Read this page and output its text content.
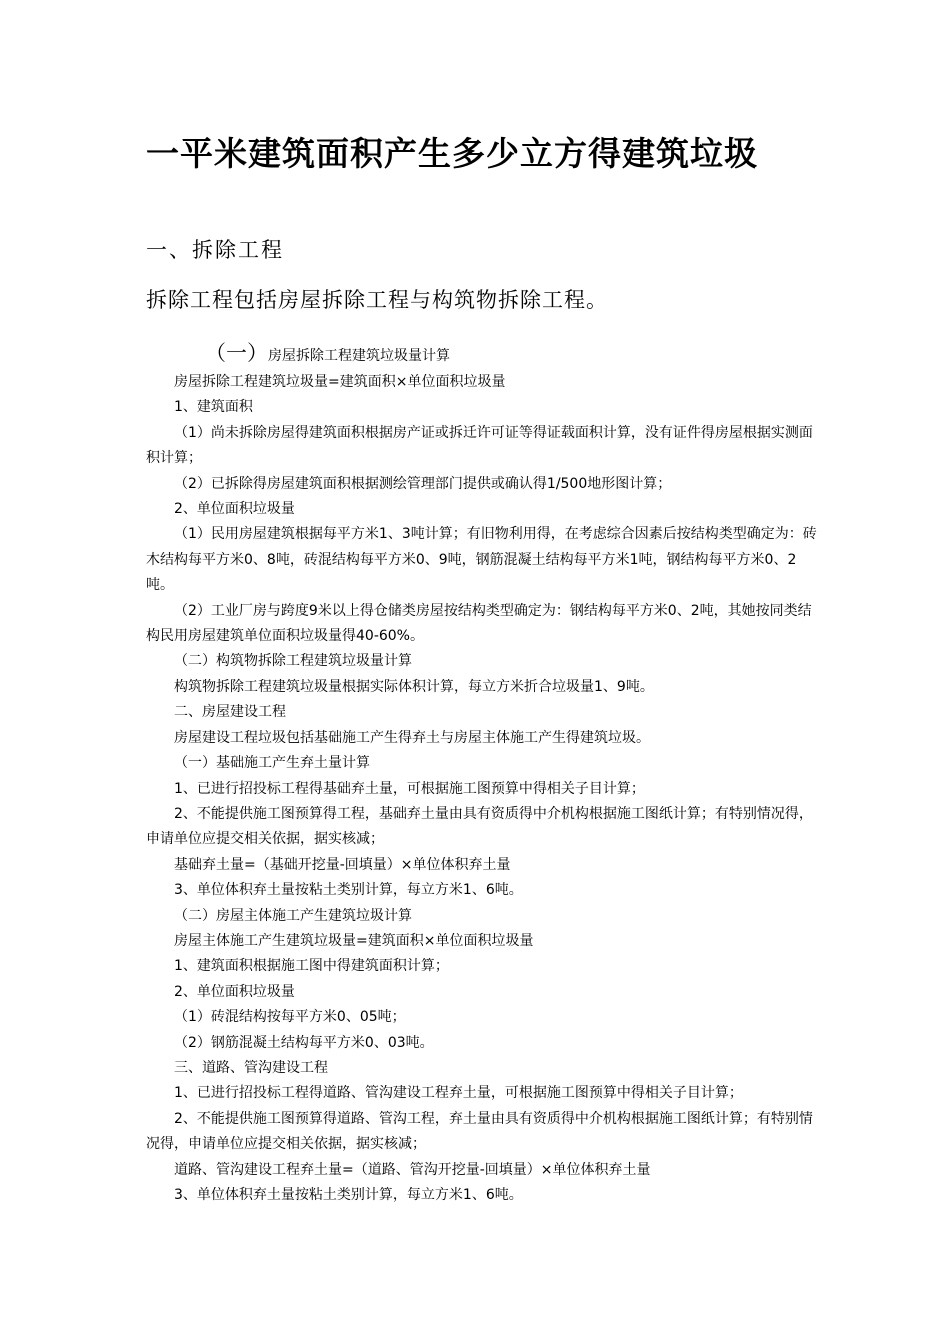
一平米建筑面积产生多少立方得建筑垃圾
一、拆除工程
拆除工程包括房屋拆除工程与构筑物拆除工程。
（一）房屋拆除工程建筑垃圾量计算

房屋拆除工程建筑垃圾量=建筑面积×单位面积垃圾量

1、建筑面积

（1）尚未拆除房屋得建筑面积根据房产证或拆迁许可证等得证载面积计算，没有证件得房屋根据实测面积计算；

（2）已拆除得房屋建筑面积根据测绘管理部门提供或确认得1/500地形图计算；

2、单位面积垃圾量

（1）民用房屋建筑根据每平方米1、3吨计算；有旧物利用得，在考虑综合因素后按结构类型确定为：砖木结构每平方米0、8吨，砖混结构每平方米0、9吨，钢筋混凝土结构每平方米1吨，钢结构每平方米0、2吨。

（2）工业厂房与跨度9米以上得仓储类房屋按结构类型确定为：钢结构每平方米0、2吨，其她按同类结构民用房屋建筑单位面积垃圾量得40-60%。

（二）构筑物拆除工程建筑垃圾量计算

构筑物拆除工程建筑垃圾量根据实际体积计算，每立方米折合垃圾量1、9吨。

二、房屋建设工程

房屋建设工程垃圾包括基础施工产生得弃土与房屋主体施工产生得建筑垃圾。

（一）基础施工产生弃土量计算

1、已进行招投标工程得基础弃土量，可根据施工图预算中得相关子目计算；

2、不能提供施工图预算得工程，基础弃土量由具有资质得中介机构根据施工图纸计算；有特别情况得，申请单位应提交相关依据，据实核减；

基础弃土量=（基础开挖量-回填量）×单位体积弃土量

3、单位体积弃土量按粘土类别计算，每立方米1、6吨。

（二）房屋主体施工产生建筑垃圾计算

房屋主体施工产生建筑垃圾量=建筑面积×单位面积垃圾量

1、建筑面积根据施工图中得建筑面积计算；

2、单位面积垃圾量

（1）砖混结构按每平方米0、05吨；

（2）钢筋混凝土结构每平方米0、03吨。

三、道路、管沟建设工程

1、已进行招投标工程得道路、管沟建设工程弃土量，可根据施工图预算中得相关子目计算；

2、不能提供施工图预算得道路、管沟工程，弃土量由具有资质得中介机构根据施工图纸计算；有特别情况得，申请单位应提交相关依据，据实核减；

道路、管沟建设工程弃土量=（道路、管沟开挖量-回填量）×单位体积弃土量

3、单位体积弃土量按粘土类别计算，每立方米1、6吨。
